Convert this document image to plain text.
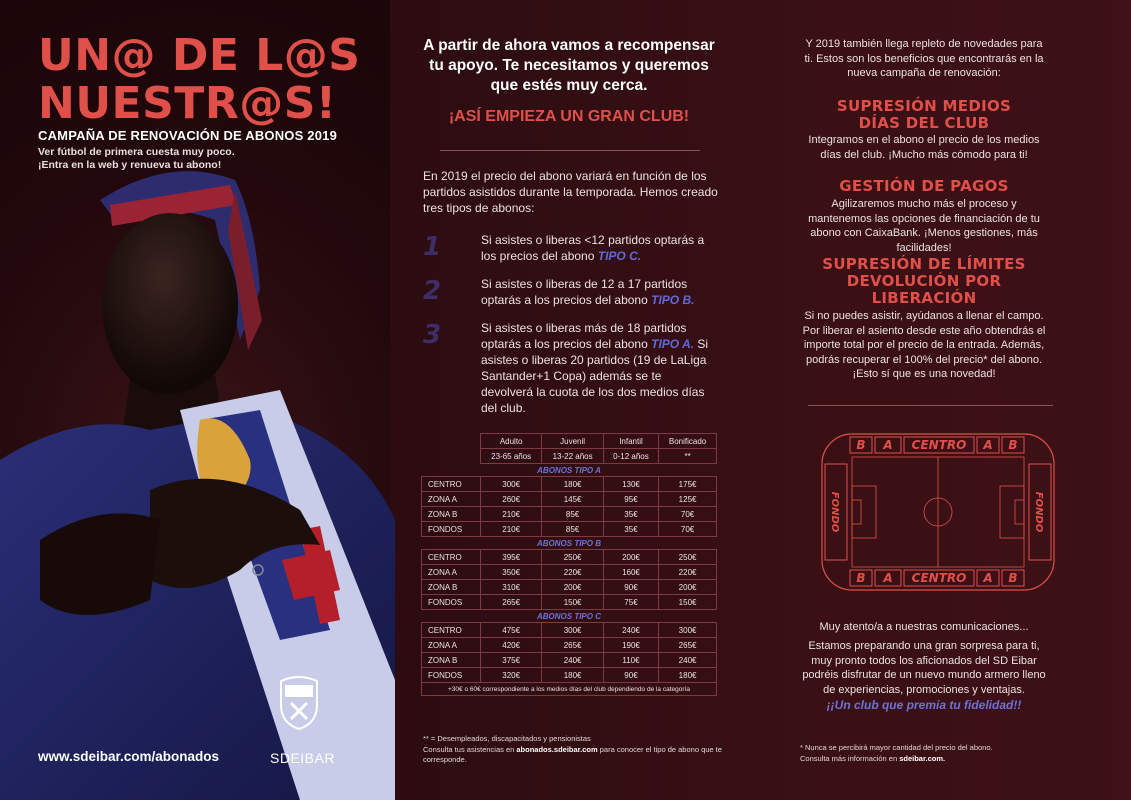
UN@ DE L@S
NUESTR@S!
CAMPAÑA DE RENOVACIÓN DE ABONOS 2019
Ver fútbol de primera cuesta muy poco.
¡Entra en la web y renueva tu abono!
www.sdeibar.com/abonados	SDEIBAR
A partir de ahora vamos a recompensar
tu apoyo. Te necesitamos y queremos
que estés muy cerca.
¡ASÍ EMPIEZA UN GRAN CLUB!
En 2019 el precio del abono variará en función de los partidos asistidos durante la temporada. Hemos creado tres tipos de abonos:
1	Si asistes o liberas <12 partidos optarás a los precios del abono TIPO C.
2	Si asistes o liberas de 12 a 17 partidos optarás a los precios del abono TIPO B.
3	Si asistes o liberas más de 18 partidos optarás a los precios del abono TIPO A. Si asistes o liberas 20 partidos (19 de LaLiga Santander+1 Copa) además se te devolverá la cuota de los dos medios días del club.
	Adulto	Juvenil	Infantil	Bonificado
	23-65 años	13-22 años	0-12 años	**
ABONOS TIPO A				
CENTRO	300€	180€	130€	175€
ZONA A	260€	145€	95€	125€
ZONA B	210€	85€	35€	70€
FONDOS	210€	85€	35€	70€
ABONOS TIPO B				
CENTRO	395€	250€	200€	250€
ZONA A	350€	220€	160€	220€
ZONA B	310€	200€	90€	200€
FONDOS	265€	150€	75€	150€
ABONOS TIPO C				
CENTRO	475€	300€	240€	300€
ZONA A	420€	265€	190€	265€
ZONA B	375€	240€	110€	240€
FONDOS	320€	180€	90€	180€
+30€ o 60€ correspondiente a los medios días del club dependiendo de la categoría				
** = Desempleados, discapacitados y pensionistas
Consulta tus asistencias en abonados.sdeibar.com para conocer el tipo de abono que te corresponde.
Y 2019 también llega repleto de novedades para ti. Estos son los beneficios que encontrarás en la nueva campaña de renovación:
SUPRESIÓN MEDIOS
DÍAS DEL CLUB
Integramos en el abono el precio de los medios días del club. ¡Mucho más cómodo para ti!
GESTIÓN DE PAGOS
Agilizaremos mucho más el proceso y mantenemos las opciones de financiación de tu abono con CaixaBank. ¡Menos gestiones, más facilidades!
SUPRESIÓN DE LÍMITES
DEVOLUCIÓN POR
LIBERACIÓN
Si no puedes asistir, ayúdanos a llenar el campo. Por liberar el asiento desde este año obtendrás el importe total por el precio de la entrada. Además, podrás recuperar el 100% del precio* del abono. ¡Esto sí que es una novedad!
B A CENTRO A B
B A CENTRO A B
FONDO	FONDO
Muy atento/a a nuestras comunicaciones...
Estamos preparando una gran sorpresa para ti, muy pronto todos los aficionados del SD Eibar podréis disfrutar de un nuevo mundo armero lleno de experiencias, promociones y ventajas.
¡¡Un club que premia tu fidelidad!!
* Nunca se percibirá mayor cantidad del precio del abono.
Consulta más información en sdeibar.com.
